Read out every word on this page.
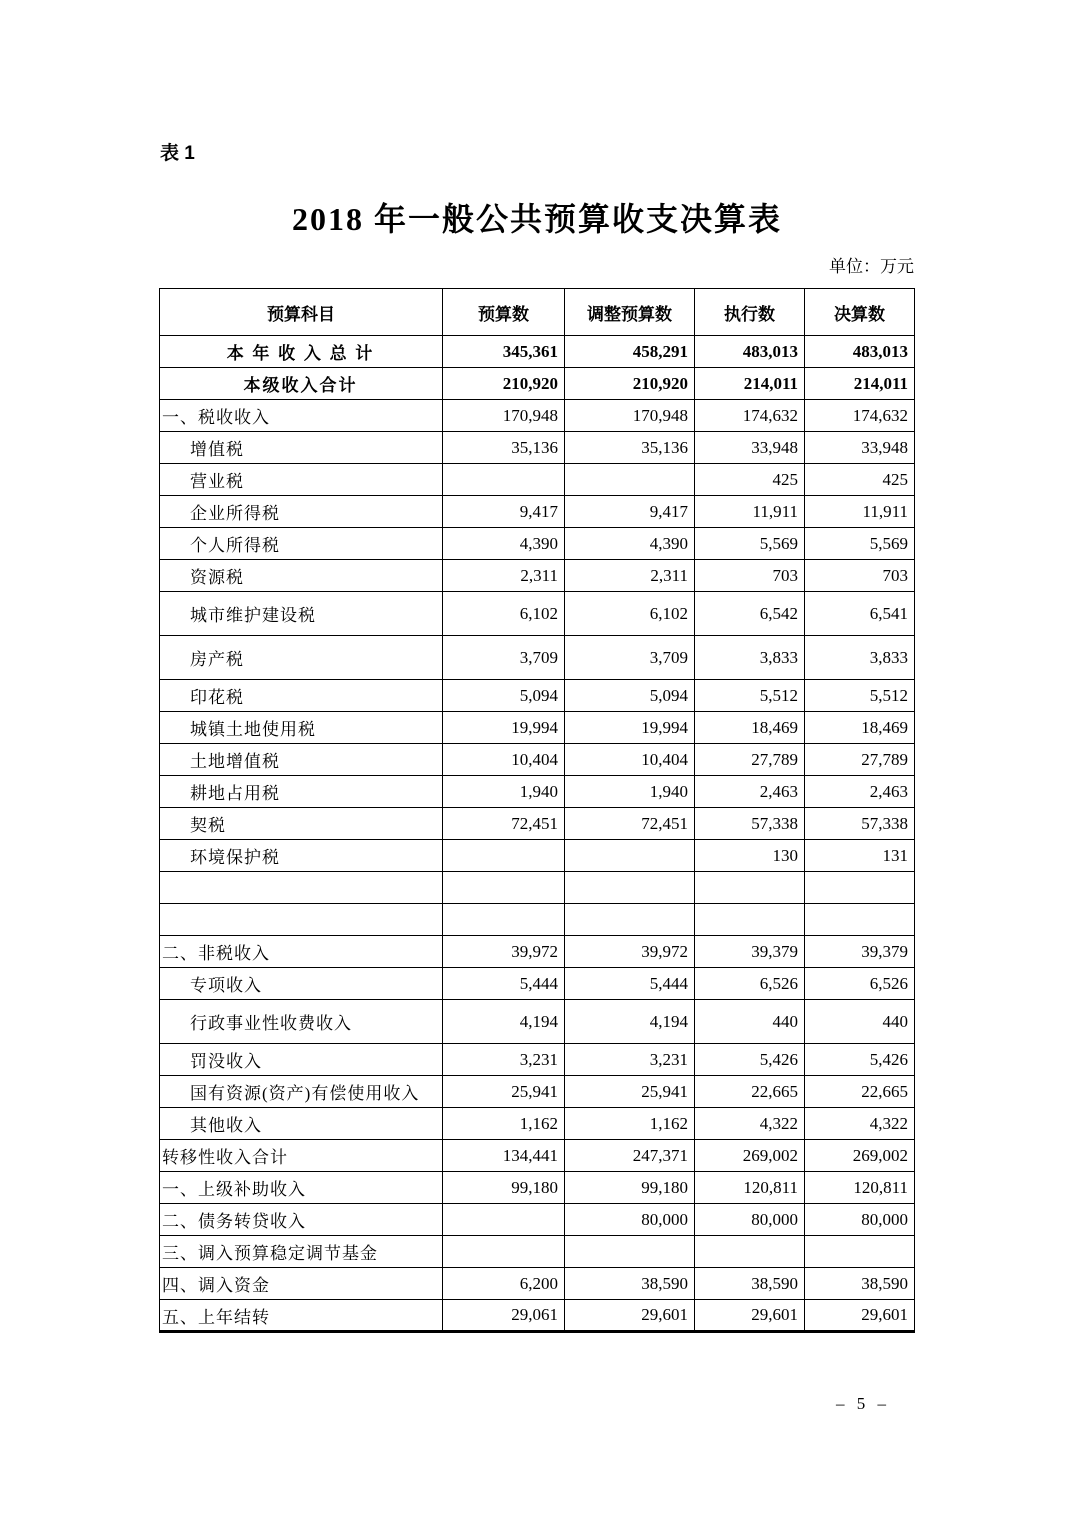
表 1
2018 年一般公共预算收支决算表
单位：万元
预算科目	预算数	调整预算数	执行数	决算数
本 年 收 入 总 计	345,361	458,291	483,013	483,013
本级收入合计	210,920	210,920	214,011	214,011
一、税收收入	170,948	170,948	174,632	174,632
增值税	35,136	35,136	33,948	33,948
营业税			425	425
企业所得税	9,417	9,417	11,911	11,911
个人所得税	4,390	4,390	5,569	5,569
资源税	2,311	2,311	703	703
城市维护建设税	6,102	6,102	6,542	6,541
房产税	3,709	3,709	3,833	3,833
印花税	5,094	5,094	5,512	5,512
城镇土地使用税	19,994	19,994	18,469	18,469
土地增值税	10,404	10,404	27,789	27,789
耕地占用税	1,940	1,940	2,463	2,463
契税	72,451	72,451	57,338	57,338
环境保护税			130	131

二、非税收入	39,972	39,972	39,379	39,379
专项收入	5,444	5,444	6,526	6,526
行政事业性收费收入	4,194	4,194	440	440
罚没收入	3,231	3,231	5,426	5,426
国有资源(资产)有偿使用收入	25,941	25,941	22,665	22,665
其他收入	1,162	1,162	4,322	4,322
转移性收入合计	134,441	247,371	269,002	269,002
一、上级补助收入	99,180	99,180	120,811	120,811
二、债务转贷收入		80,000	80,000	80,000
三、调入预算稳定调节基金				
四、调入资金	6,200	38,590	38,590	38,590
五、上年结转	29,061	29,601	29,601	29,601
– 5 –
